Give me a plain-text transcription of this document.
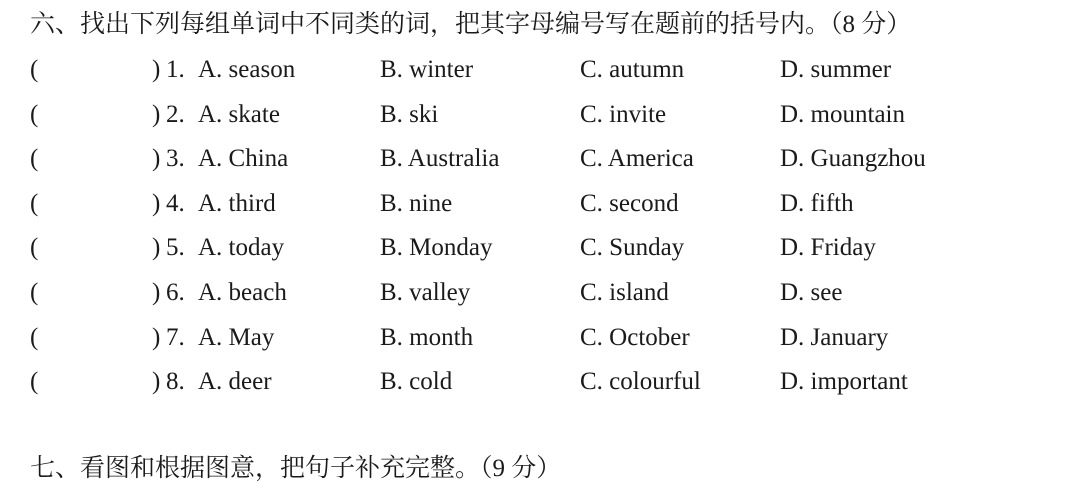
六、找出下列每组单词中不同类的词，把其字母编号写在题前的括号内。（8 分）
(	) 1. A. season	B. winter	C. autumn	D. summer
(	) 2. A. skate	B. ski	C. invite	D. mountain
(	) 3. A. China	B. Australia	C. America	D. Guangzhou
(	) 4. A. third	B. nine	C. second	D. fifth
(	) 5. A. today	B. Monday	C. Sunday	D. Friday
(	) 6. A. beach	B. valley	C. island	D. see
(	) 7. A. May	B. month	C. October	D. January
(	) 8. A. deer	B. cold	C. colourful	D. important
七、看图和根据图意，把句子补充完整。（9 分）
